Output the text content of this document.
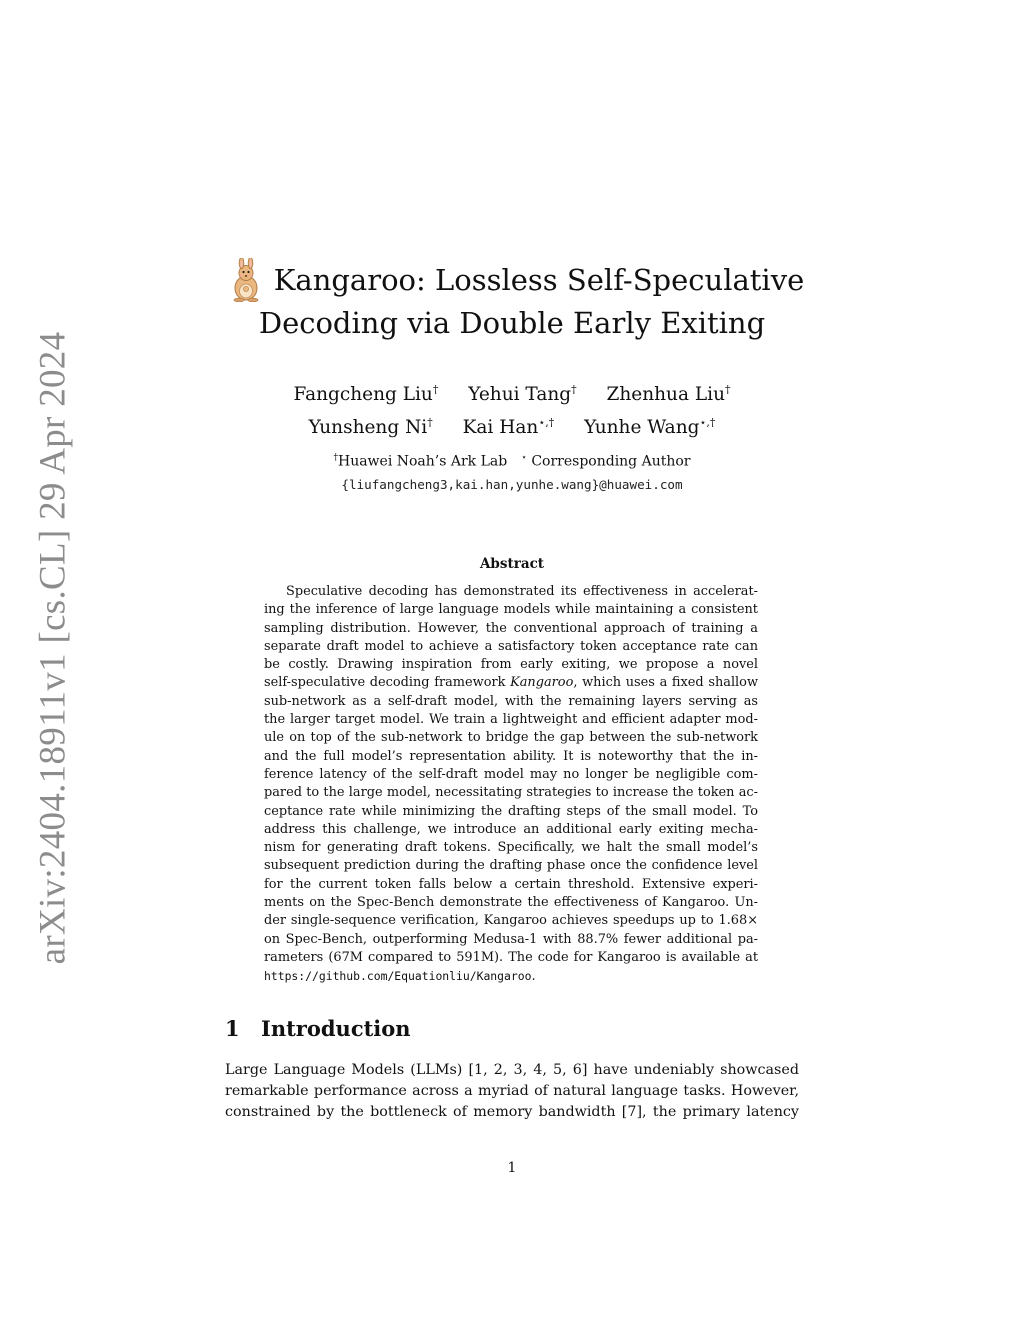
arXiv:2404.18911v1 [cs.CL] 29 Apr 2024
Kangaroo: Lossless Self-Speculative
Decoding via Double Early Exiting
Fangcheng Liu† Yehui Tang† Zhenhua Liu†
Yunsheng Ni† Kai Han⋆,† Yunhe Wang⋆,†
†Huawei Noah’s Ark Lab ⋆ Corresponding Author
{liufangcheng3,kai.han,yunhe.wang}@huawei.com
Abstract
Speculative decoding has demonstrated its effectiveness in accelerat-
ing the inference of large language models while maintaining a consistent
sampling distribution. However, the conventional approach of training a
separate draft model to achieve a satisfactory token acceptance rate can
be costly. Drawing inspiration from early exiting, we propose a novel
self-speculative decoding framework Kangaroo, which uses a fixed shallow
sub-network as a self-draft model, with the remaining layers serving as
the larger target model. We train a lightweight and efficient adapter mod-
ule on top of the sub-network to bridge the gap between the sub-network
and the full model’s representation ability. It is noteworthy that the in-
ference latency of the self-draft model may no longer be negligible com-
pared to the large model, necessitating strategies to increase the token ac-
ceptance rate while minimizing the drafting steps of the small model. To
address this challenge, we introduce an additional early exiting mecha-
nism for generating draft tokens. Specifically, we halt the small model’s
subsequent prediction during the drafting phase once the confidence level
for the current token falls below a certain threshold. Extensive experi-
ments on the Spec-Bench demonstrate the effectiveness of Kangaroo. Un-
der single-sequence verification, Kangaroo achieves speedups up to 1.68×
on Spec-Bench, outperforming Medusa-1 with 88.7% fewer additional pa-
rameters (67M compared to 591M). The code for Kangaroo is available at
https://github.com/Equationliu/Kangaroo.
1 Introduction
Large Language Models (LLMs) [1, 2, 3, 4, 5, 6] have undeniably showcased
remarkable performance across a myriad of natural language tasks. However,
constrained by the bottleneck of memory bandwidth [7], the primary latency
1
